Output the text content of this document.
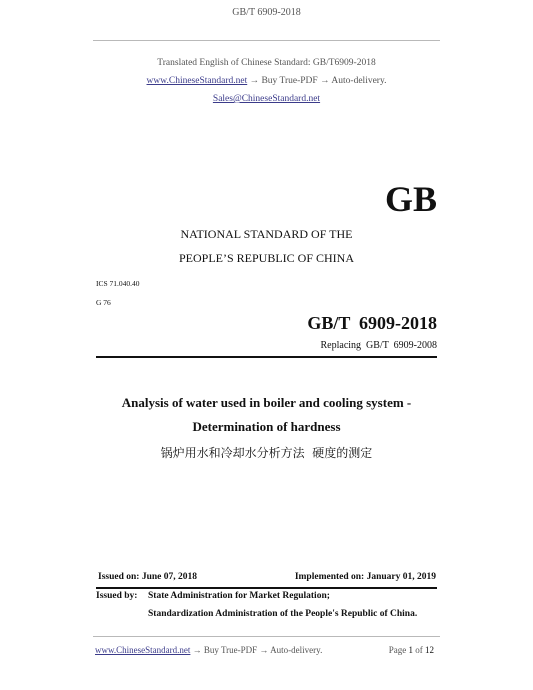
GB/T 6909-2018
Translated English of Chinese Standard: GB/T6909-2018
www.ChineseStandard.net → Buy True-PDF → Auto-delivery.
Sales@ChineseStandard.net
GB
NATIONAL STANDARD OF THE
PEOPLE’S REPUBLIC OF CHINA
ICS 71.040.40
G 76
GB/T  6909-2018
Replacing  GB/T  6909-2008
Analysis of water used in boiler and cooling system -
Determination of hardness
锅炉用水和冷却水分析方法  硬度的测定
Issued on: June 07, 2018	Implemented on: January 01, 2019
Issued by: State Administration for Market Regulation;
Standardization Administration of the People's Republic of China.
www.ChineseStandard.net → Buy True-PDF → Auto-delivery.	Page 1 of 12
